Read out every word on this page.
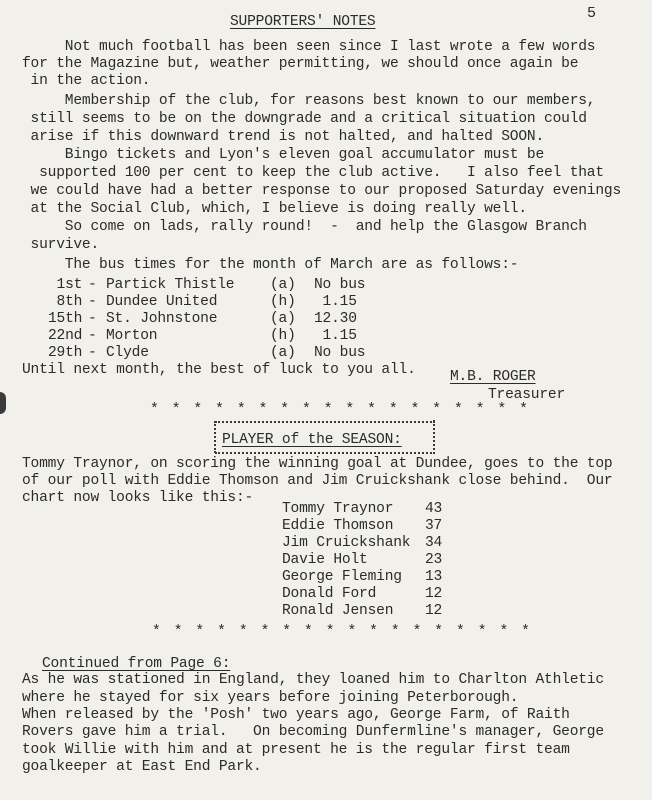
5
SUPPORTERS' NOTES
Not much football has been seen since I last wrote a few words
for the Magazine but, weather permitting, we should once again be
in the action.
Membership of the club, for reasons best known to our members,
still seems to be on the downgrade and a critical situation could
arise if this downward trend is not halted, and halted SOON.
Bingo tickets and Lyon's eleven goal accumulator must be
supported 100 per cent to keep the club active.   I also feel that
we could have had a better response to our proposed Saturday evenings
at the Social Club, which, I believe is doing really well.
So come on lads, rally round!  -  and help the Glasgow Branch
survive.
The bus times for the month of March are as follows:-
1st - Partick Thistle (a) No bus
8th - Dundee United	(h) 1.15
15th - St. Johnstone	(a) 12.30
22nd - Morton	(h) 1.15
29th - Clyde	(a) No bus
Until next month, the best of luck to you all. M.B. ROGER
Treasurer
* * * * * * * * * * * * * * * * * *
PLAYER of the SEASON:
Tommy Traynor, on scoring the winning goal at Dundee, goes to the top
of our poll with Eddie Thomson and Jim Cruickshank close behind.  Our
chart now looks like this:-
Tommy Traynor 43
Eddie Thomson 37
Jim Cruickshank 34
Davie Holt	23
George Fleming 13
Donald Ford	12
Ronald Jensen 12
* * * * * * * * * * * * * * * * * *
Continued from Page 6:
As he was stationed in England, they loaned him to Charlton Athletic
where he stayed for six years before joining Peterborough.
When released by the 'Posh' two years ago, George Farm, of Raith
Rovers gave him a trial.   On becoming Dunfermline's manager, George
took Willie with him and at present he is the regular first team
goalkeeper at East End Park.
